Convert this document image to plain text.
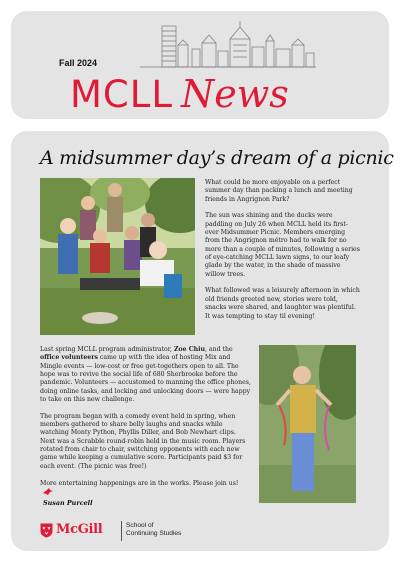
Fall 2024
MCLL News
A midsummer day’s dream of a picnic

What could be more enjoyable on a perfect summer day than packing a lunch and meeting friends in Angrignon Park?

The sun was shining and the ducks were paddling on July 26 when MCLL held its first-ever Midsummer Picnic. Members emerging from the Angrignon métro had to walk for no more than a couple of minutes, following a series of eye-catching MCLL lawn signs, to our leafy glade by the water, in the shade of massive willow trees.

What followed was a leisurely afternoon in which old friends greeted new, stories were told, snacks were shared, and laughter was plentiful. It was tempting to stay til evening!

Last spring MCLL program administrator, Zoe Chiu, and the office volunteers came up with the idea of hosting Mix and Mingle events — low-cost or free get-togethers open to all. The hope was to revive the social life of 680 Sherbrooke before the pandemic. Volunteers — accustomed to manning the office phones, doing online tasks, and locking and unlocking doors — were happy to take on this new challenge.

The program began with a comedy event held in spring, when members gathered to share belly laughs and snacks while watching Monty Python, Phyllis Diller, and Bob Newhart clips. Next was a Scrabble round-robin held in the music room. Players rotated from chair to chair, switching opponents with each new game while keeping a cumulative score. Participants paid $3 for each event. (The picnic was free!)

More entertaining happenings are in the works. Please join us!

Susan Purcell
McGill	School of
Continuing Studies
